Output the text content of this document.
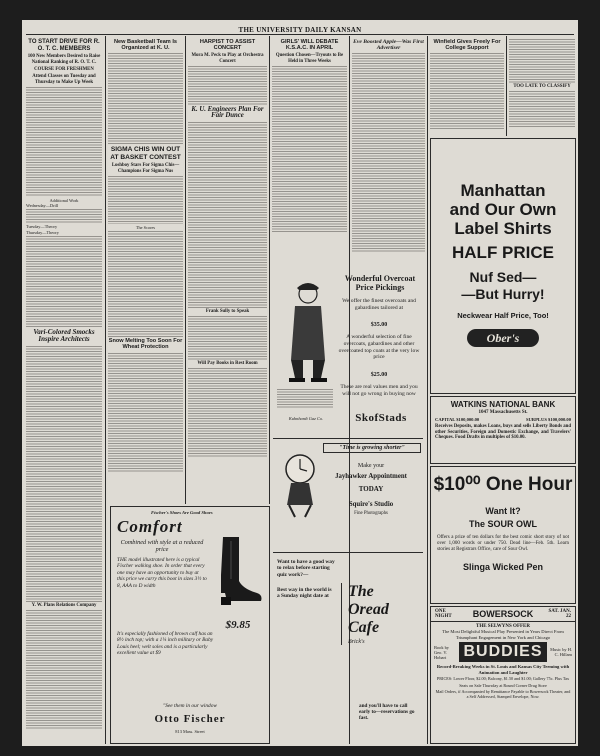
THE UNIVERSITY DAILY KANSAN
TO START DRIVE FOR R. O. T. C. MEMBERS
100 New Members Desired to Raise National Ranking of R. O. T. C.
COURSE FOR FRESHMEN
Attend Classes on Tuesday and Thursday to Make Up Week
Additional Work
Wednesday—Drill
Tuesday—Theory
Thursday—Theory
Vari-Colored Smocks Inspire Architects
Y. W. Plans Relations Company
New Basketball Team Is Organized at K. U.
SIGMA CHIS WIN OUT AT BASKET CONTEST
Loshboy Stars For Sigma Chis—Champions For Sigma Nus
The Scores
Snow Melting Too Soon For Wheat Protection
HARPIST TO ASSIST CONCERT
Mora M. Peck to Play at Orchestra Concert
K. U. Engineers Plan For Fair Dunce
Frank Sully to Speak
Will Pay Books in Rest Room
GIRLS' WILL DEBATE K.S.A.C. IN APRIL
Question Chosen—Tryouts to Be Held in Three Weeks
Eve Boosted Apple—Was First Advertiser
Winfield Gives Freely For College Support
TOO LATE TO CLASSIFY
Manhattan
and Our Own
Label Shirts
HALF PRICE
Nuf Sed—
—But Hurry!
Neckwear Half Price, Too!
Ober's
WATKINS NATIONAL BANK
1047 Massachusetts St.
CAPITAL $100,000.00	SURPLUS $100,000.00
Receives Deposits, makes Loans, buys and sells Liberty Bonds and other Securities, Foreign and Domestic Exchange, and Travelers' Cheques. Food Drafts in multiples of $10.00.
$10⁰⁰ One Hour
Want It?
The SOUR OWL
Offers a prize of ten dollars for the best comic short story of not over 1,000 words or under 750. Dead line—Feb. 5th. Learn stories at Registrars Office, care of Sour Owl.
Slinga Wicked Pen
ONE NIGHT	BOWERSOCK	SAT. JAN. 22
THE SELWYNS OFFER
The Most Delightful Musical Play Presented in Years Direct From
Triumphant Engagement in New York and Chicago
Book by Geo. V. Hobart	BUDDIES	Music by H. C. Hillam
Record-Breaking Weeks in St. Louis and Kansas City Teeming with Animation and Laughter
PRICES: Lower Floor, $2.00; Balcony, $1.50 and $1.00; Gallery 75c. Plus Tax
Seats on Sale Thursday at Round Corner Drug Store
Mail Orders, if Accompanied by Remittance Payable to Bowersock Theater, and a Self Addressed, Stamped Envelope, Now.
Wonderful Overcoat Price Pickings
We offer the finest overcoats and gabardines tailored at
$35.00
A wonderful selection of fine overcoats, gabardines and other overcoated top coats at the very low price
$25.00
These are real values men and you will not go wrong in buying now
SkofStads
Kuhnhardt Gaz Co.
"Time is growing shorter"
Make your
Jayhawker Appointment
TODAY
Squire's Studio
Fine Photographs
Want to have a good way to relax before starting quiz work?—
Best way in the world is a Sunday night date at	The
Oread
Cafe
Brick's
and you'll have to call early to—reservations go fast.
Fischer's Shoes Are Good Shoes
Comfort
Combined with style at a reduced price
THE model illustrated here is a typical Fischer walking shoe. In order that every one may have an opportunity to buy at this price we carry this boot in sizes 3½ to 8, AAA to D width
$9.85
It's especially fashioned of brown calf has an 8½ inch top; with a 1¼ inch military or Baby Louis heel; welt soles and is a particularly excellent value at $9
"See them in our window
Otto Fischer
813 Mass. Street
